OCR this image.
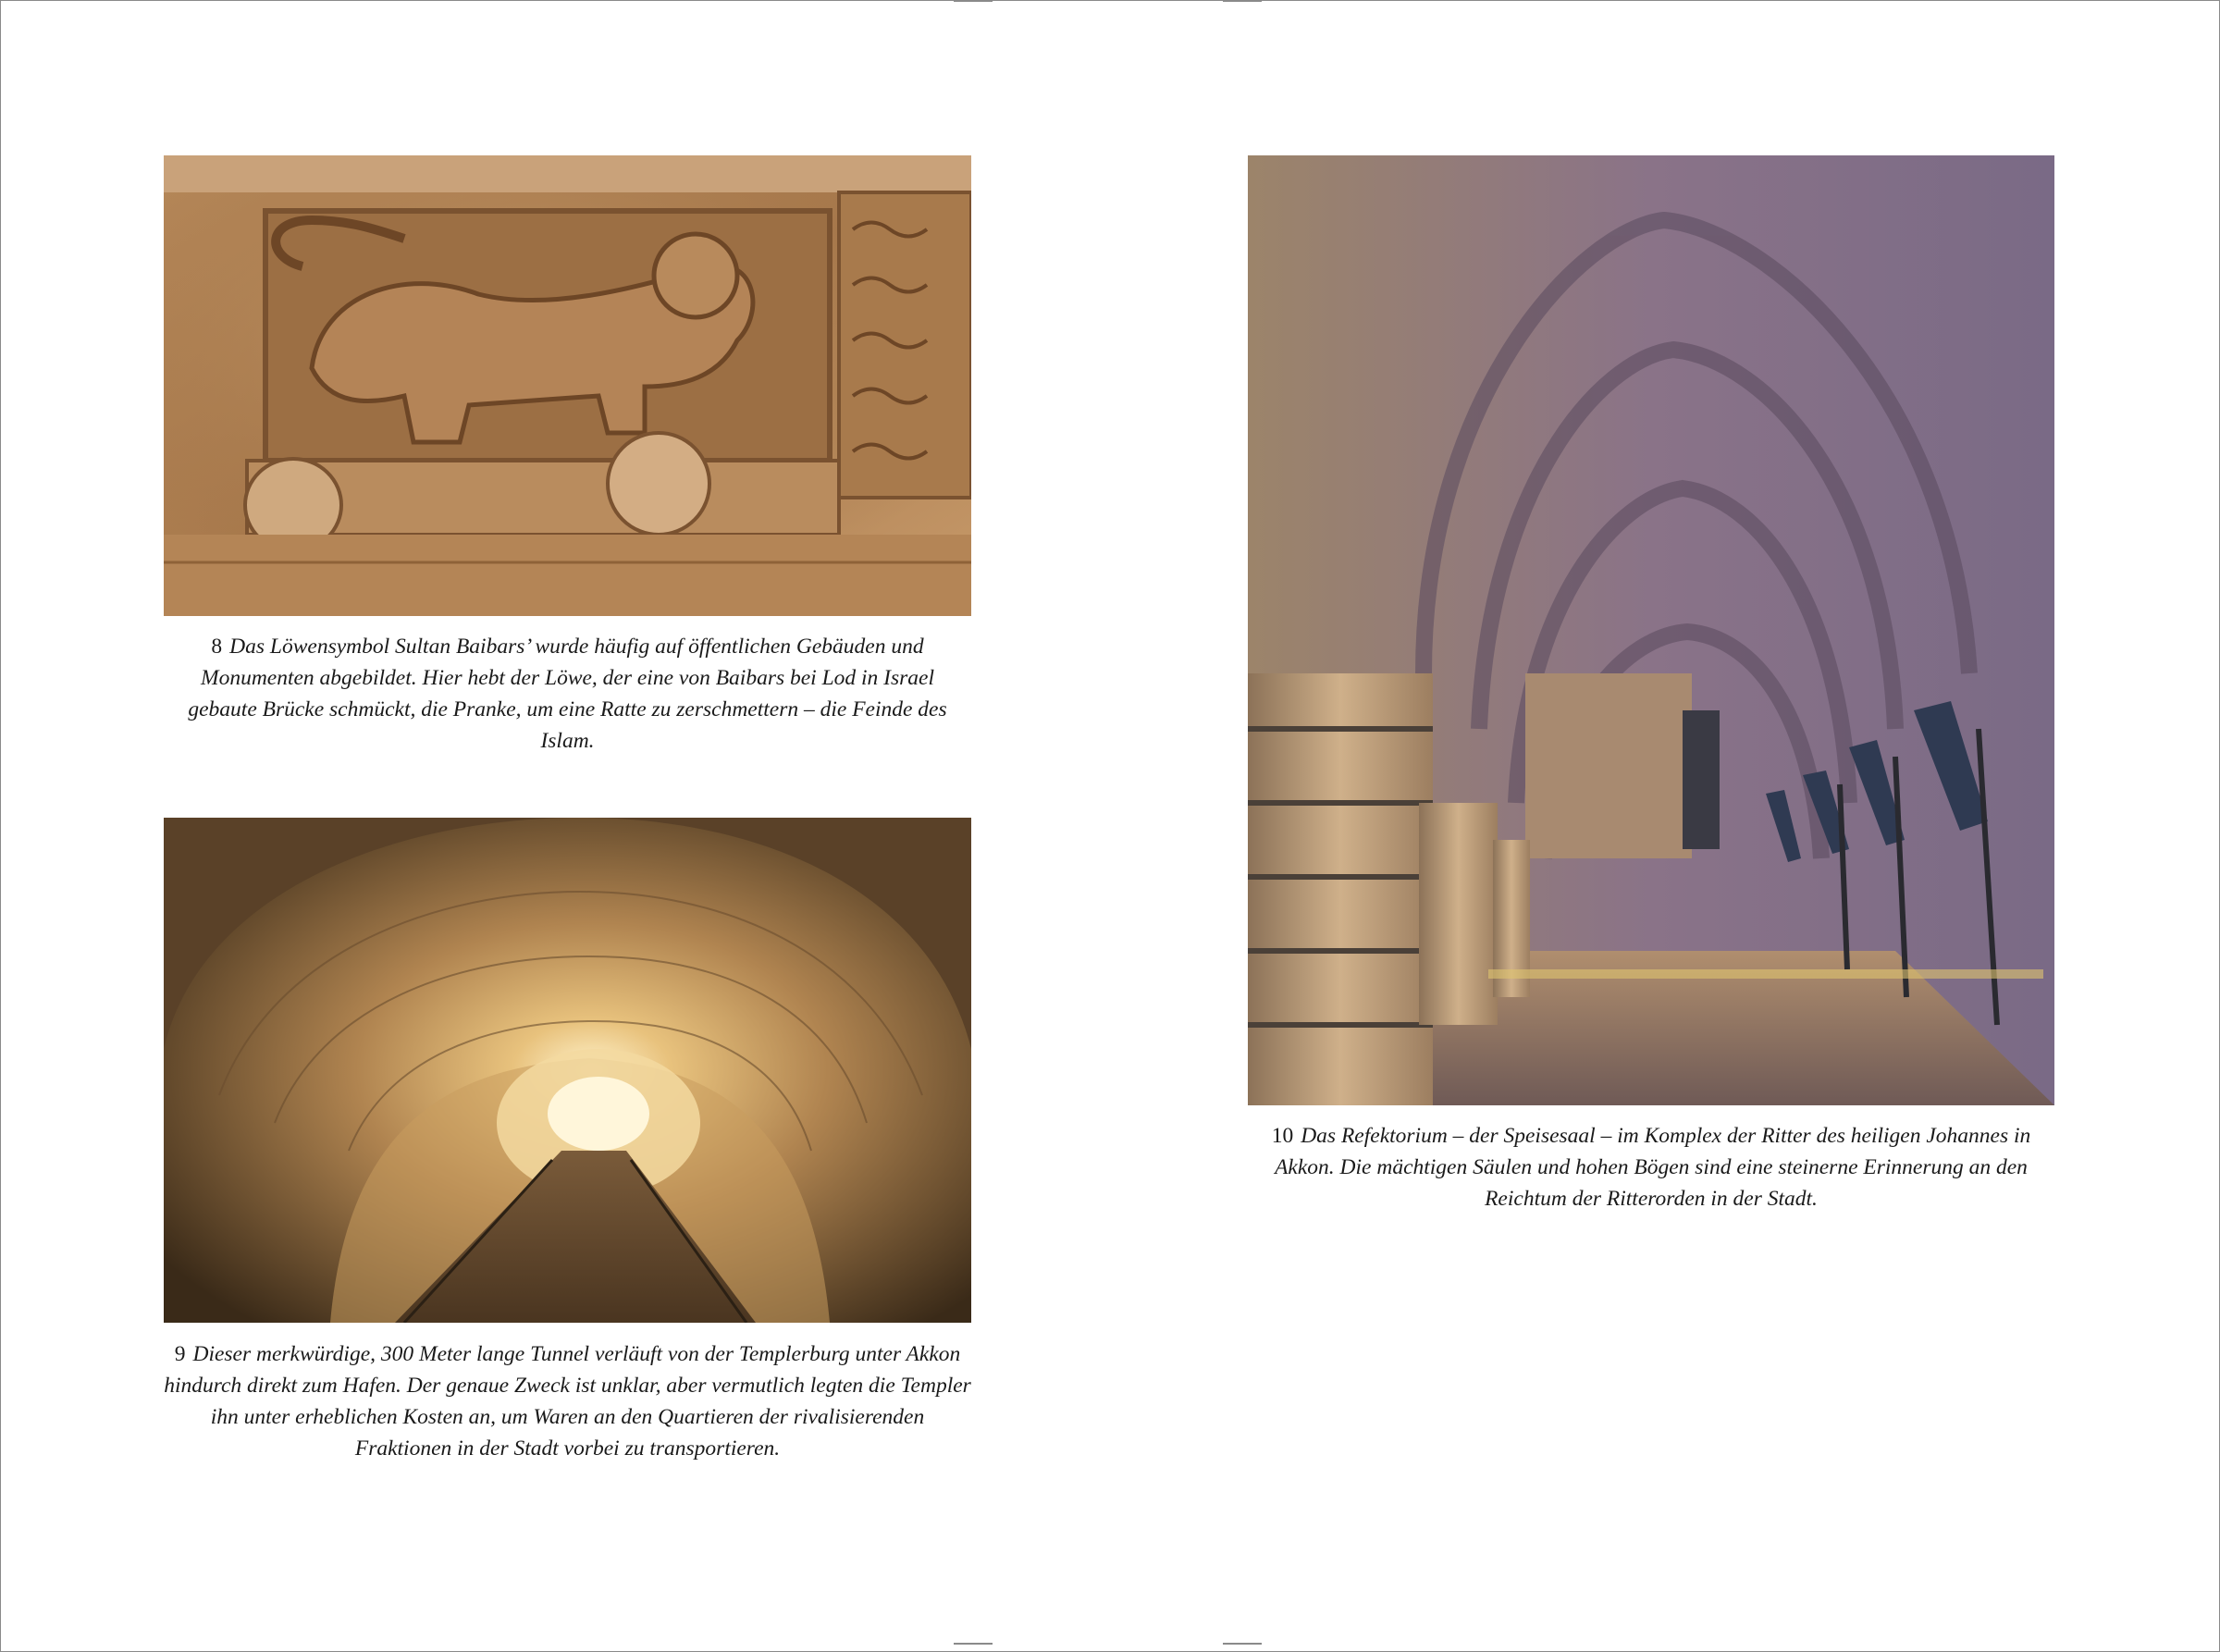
8 Das Löwensymbol Sultan Baibars’ wurde häufig auf öffentlichen Gebäuden und Monumenten abgebildet. Hier hebt der Löwe, der eine von Baibars bei Lod in Israel gebaute Brücke schmückt, die Pranke, um eine Ratte zu zerschmettern – die Feinde des Islam.
9 Dieser merkwürdige, 300 Meter lange Tunnel verläuft von der Templerburg unter Akkon hindurch direkt zum Hafen. Der genaue Zweck ist unklar, aber vermutlich legten die Templer ihn unter erheblichen Kosten an, um Waren an den Quartieren der rivalisierenden Fraktionen in der Stadt vorbei zu transportieren.
10 Das Refektorium – der Speisesaal – im Komplex der Ritter des heiligen Johannes in Akkon. Die mächtigen Säulen und hohen Bögen sind eine steinerne Erinnerung an den Reichtum der Ritterorden in der Stadt.
